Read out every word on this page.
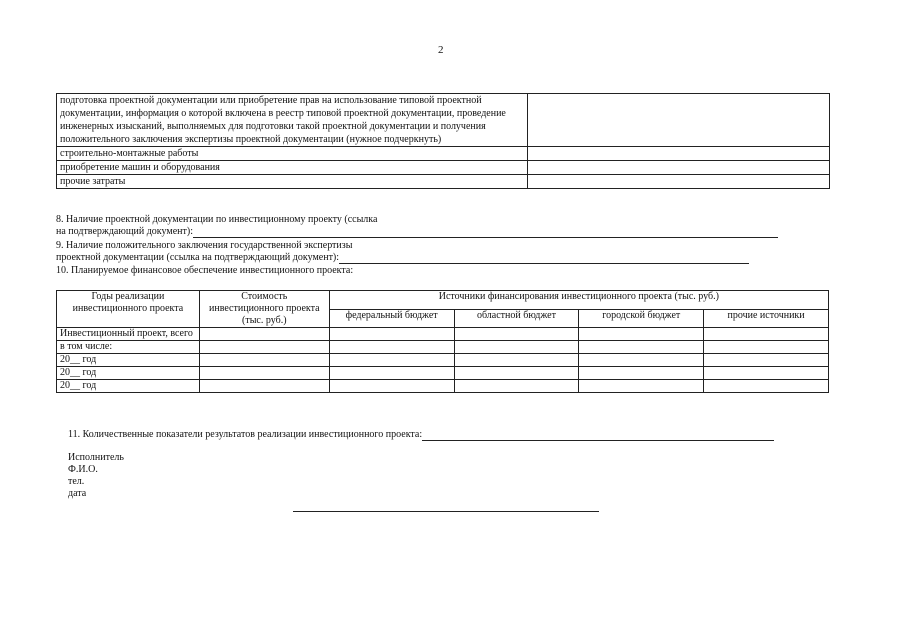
2
подготовка проектной документации или приобретение прав на использование типовой проектной документации, информация о которой включена в реестр типовой проектной документации, проведение инженерных изысканий, выполняемых для подготовки такой проектной документации и получения положительного заключения экспертизы проектной документации (нужное подчеркнуть)	
строительно-монтажные работы	
приобретение машин и оборудования	
прочие затраты	
8. Наличие проектной документации по инвестиционному проекту (ссылка
на подтверждающий документ):
9. Наличие положительного заключения государственной экспертизы
проектной документации (ссылка на подтверждающий документ):
10. Планируемое финансовое обеспечение инвестиционного проекта:
Годы реализации инвестиционного проекта	Стоимость инвестиционного проекта (тыс. руб.)	Источники финансирования инвестиционного проекта (тыс. руб.)			
		федеральный бюджет	областной бюджет	городской бюджет	прочие источники
Инвестиционный проект, всего					
в том числе:					
20__ год					
20__ год					
20__ год					
11. Количественные показатели результатов реализации инвестиционного проекта:
Исполнитель
Ф.И.О.
тел.
дата
